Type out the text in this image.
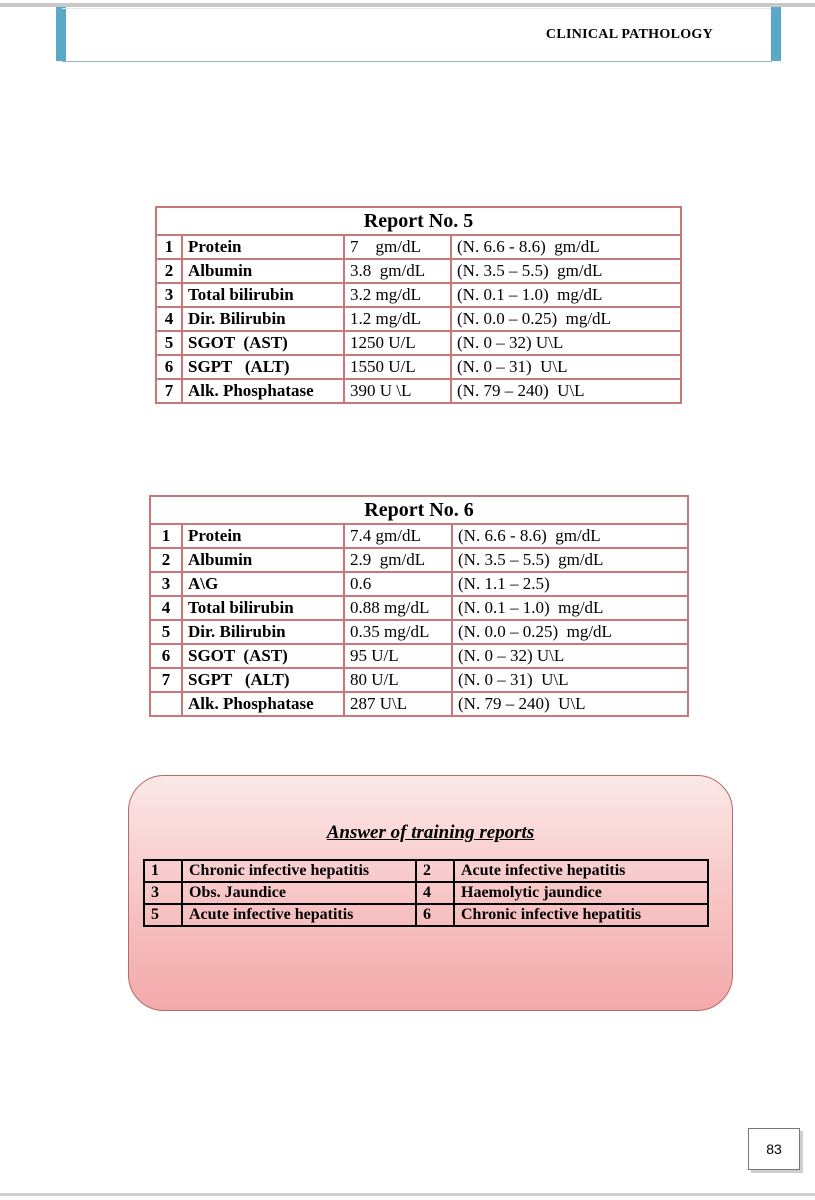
CLINICAL PATHOLOGY
Report No. 5			
1	Protein	7    gm/dL	(N. 6.6 - 8.6)  gm/dL
2	Albumin	3.8  gm/dL	(N. 3.5 – 5.5)  gm/dL
3	Total bilirubin	3.2 mg/dL	(N. 0.1 – 1.0)  mg/dL
4	Dir. Bilirubin	1.2 mg/dL	(N. 0.0 – 0.25)  mg/dL
5	SGOT  (AST)	1250 U/L	(N. 0 – 32) U\L
6	SGPT   (ALT)	1550 U/L	(N. 0 – 31)  U\L
7	Alk. Phosphatase	390 U \L	(N. 79 – 240)  U\L
Report No. 6			
1	Protein	7.4 gm/dL	(N. 6.6 - 8.6)  gm/dL
2	Albumin	2.9  gm/dL	(N. 3.5 – 5.5)  gm/dL
3	A\G	0.6	(N. 1.1 – 2.5)
4	Total bilirubin	0.88 mg/dL	(N. 0.1 – 1.0)  mg/dL
5	Dir. Bilirubin	0.35 mg/dL	(N. 0.0 – 0.25)  mg/dL
6	SGOT  (AST)	95 U/L	(N. 0 – 32) U\L
7	SGPT   (ALT)	80 U/L	(N. 0 – 31)  U\L
	Alk. Phosphatase	287 U\L	(N. 79 – 240)  U\L
Answer of training reports
1	Chronic infective hepatitis	2	Acute infective hepatitis
3	Obs. Jaundice	4	Haemolytic jaundice
5	Acute infective hepatitis	6	Chronic infective hepatitis
83
